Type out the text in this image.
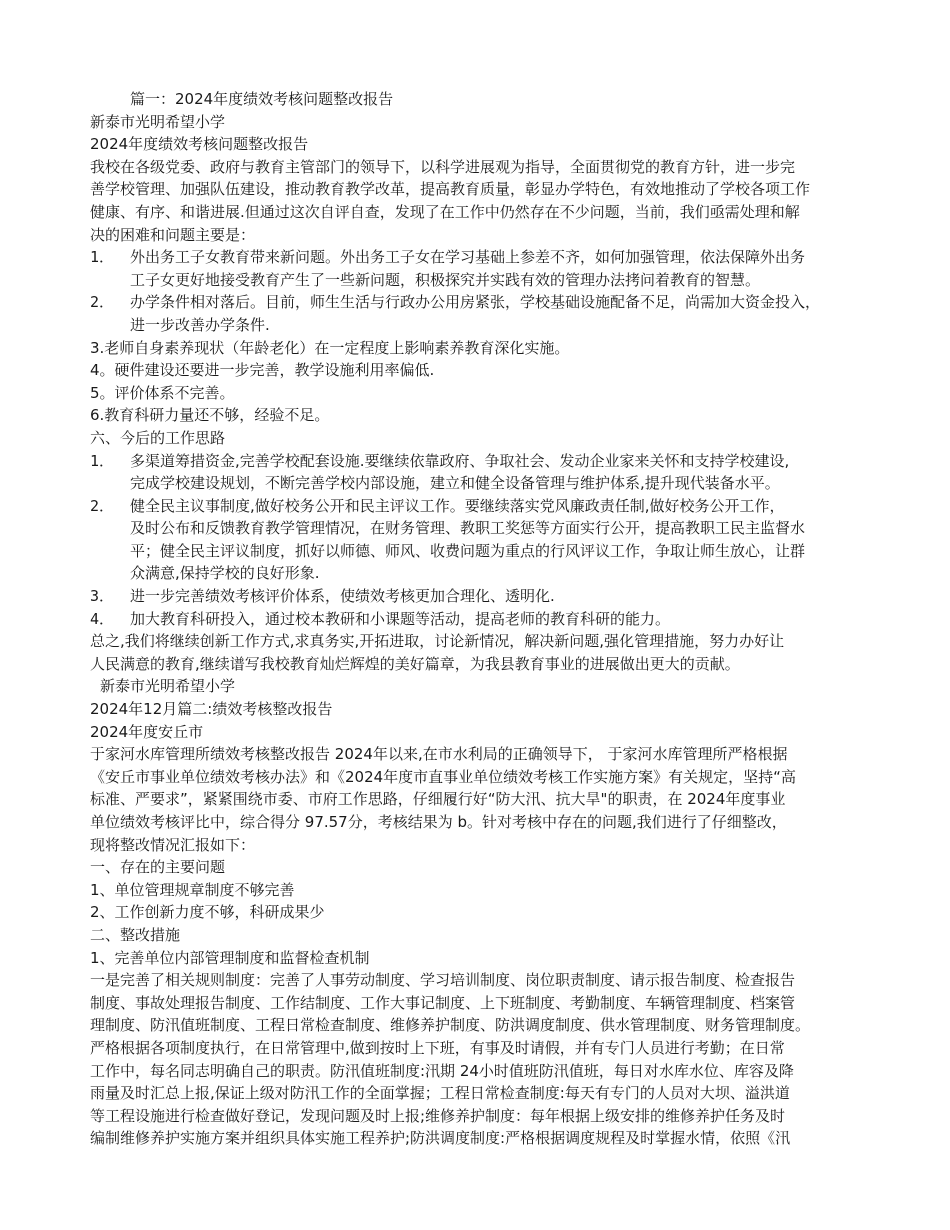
篇一：2024年度绩效考核问题整改报告
新泰市光明希望小学
2024年度绩效考核问题整改报告
我校在各级党委、政府与教育主管部门的领导下，以科学进展观为指导，全面贯彻党的教育方针，进一步完
善学校管理、加强队伍建设，推动教育教学改革，提高教育质量，彰显办学特色，有效地推动了学校各项工作
健康、有序、和谐进展.但通过这次自评自查，发现了在工作中仍然存在不少问题，当前，我们亟需处理和解
决的困难和问题主要是：
1．	外出务工子女教育带来新问题。外出务工子女在学习基础上参差不齐，如何加强管理，依法保障外出务
工子女更好地接受教育产生了一些新问题，积极探究并实践有效的管理办法拷问着教育的智慧。
2．	办学条件相对落后。目前，师生生活与行政办公用房紧张，学校基础设施配备不足，尚需加大资金投入，
进一步改善办学条件.
3.老师自身素养现状（年龄老化）在一定程度上影响素养教育深化实施。
4。硬件建设还要进一步完善，教学设施利用率偏低.
5。评价体系不完善。
6.教育科研力量还不够，经验不足。
六、今后的工作思路
1．	多渠道筹措资金,完善学校配套设施.要继续依靠政府、争取社会、发动企业家来关怀和支持学校建设,
完成学校建设规划，不断完善学校内部设施，建立和健全设备管理与维护体系,提升现代装备水平。
2．	健全民主议事制度,做好校务公开和民主评议工作。要继续落实党风廉政责任制,做好校务公开工作，
及时公布和反馈教育教学管理情况，在财务管理、教职工奖惩等方面实行公开，提高教职工民主监督水
平；健全民主评议制度，抓好以师德、师风、收费问题为重点的行风评议工作，争取让师生放心，让群
众满意,保持学校的良好形象.
3．	进一步完善绩效考核评价体系，使绩效考核更加合理化、透明化.
4．	加大教育科研投入，通过校本教研和小课题等活动，提高老师的教育科研的能力。
总之,我们将继续创新工作方式,求真务实,开拓进取，讨论新情况，解决新问题,强化管理措施，努力办好让
人民满意的教育,继续谱写我校教育灿烂辉煌的美好篇章，为我县教育事业的进展做出更大的贡献。
新泰市光明希望小学
2024年12月篇二:绩效考核整改报告
2024年度安丘市
于家河水库管理所绩效考核整改报告 2024年以来,在市水利局的正确领导下， 于家河水库管理所严格根据
《安丘市事业单位绩效考核办法》和《2024年度市直事业单位绩效考核工作实施方案》有关规定，坚持“高
标准、严要求”，紧紧围绕市委、市府工作思路，仔细履行好“防大汛、抗大旱"的职责，在 2024年度事业
单位绩效考核评比中，综合得分 97.57分，考核结果为 b。针对考核中存在的问题,我们进行了仔细整改，
现将整改情况汇报如下：
一、存在的主要问题
1、单位管理规章制度不够完善
2、工作创新力度不够，科研成果少
二、整改措施
1、完善单位内部管理制度和监督检查机制
一是完善了相关规则制度：完善了人事劳动制度、学习培训制度、岗位职责制度、请示报告制度、检查报告
制度、事故处理报告制度、工作结制度、工作大事记制度、上下班制度、考勤制度、车辆管理制度、档案管
理制度、防汛值班制度、工程日常检查制度、维修养护制度、防洪调度制度、供水管理制度、财务管理制度。
严格根据各项制度执行，在日常管理中,做到按时上下班，有事及时请假，并有专门人员进行考勤；在日常
工作中，每名同志明确自己的职责。防汛值班制度:汛期 24小时值班防汛值班，每日对水库水位、库容及降
雨量及时汇总上报,保证上级对防汛工作的全面掌握；工程日常检查制度:每天有专门的人员对大坝、溢洪道
等工程设施进行检查做好登记，发现问题及时上报;维修养护制度：每年根据上级安排的维修养护任务及时
编制维修养护实施方案并组织具体实施工程养护;防洪调度制度:严格根据调度规程及时掌握水情，依照《汛
